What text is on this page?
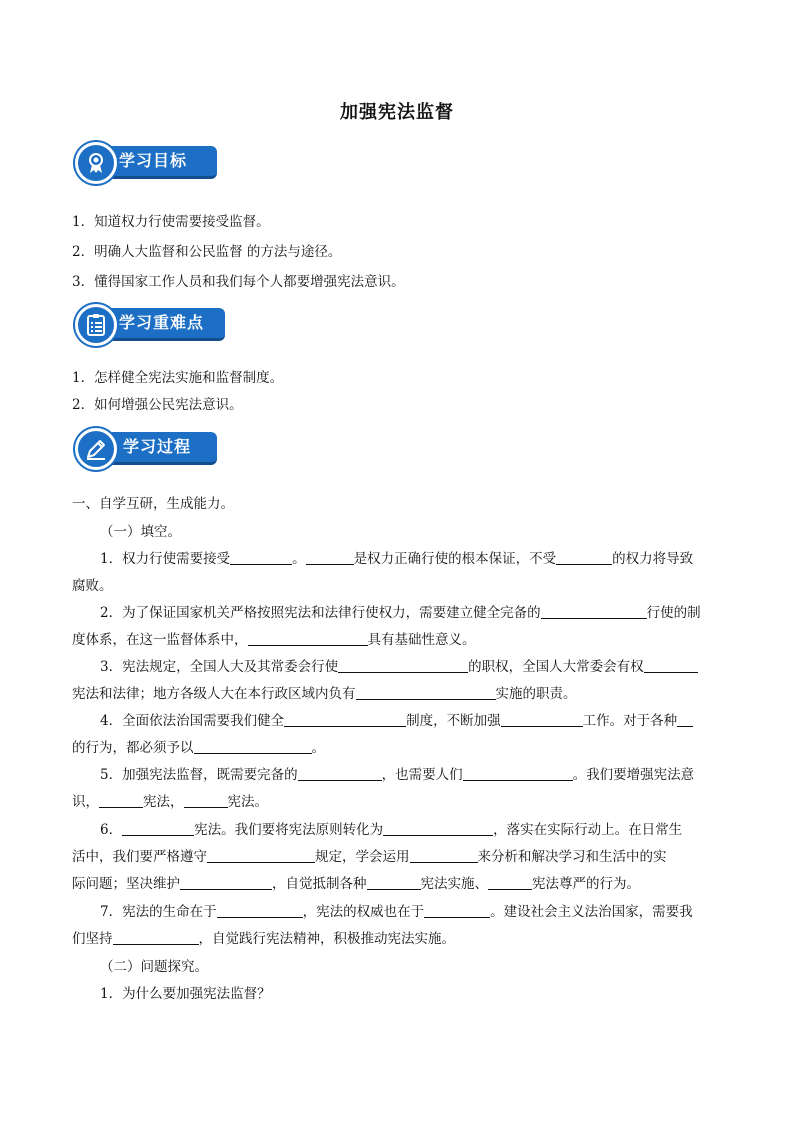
加强宪法监督
学习目标
1．知道权力行使需要接受监督。
2．明确人大监督和公民监督 的方法与途径。
3．懂得国家工作人员和我们每个人都要增强宪法意识。
学习重难点
1．怎样健全宪法实施和监督制度。
2．如何增强公民宪法意识。
学习过程
一、自学互研，生成能力。
（一）填空。
1．权力行使需要接受	。	是权力正确行使的根本保证，不受	的权力将导致
腐败。
2．为了保证国家机关严格按照宪法和法律行使权力，需要建立健全完备的	行使的制
度体系，在这一监督体系中，	具有基础性意义。
3．宪法规定，全国人大及其常委会行使	的职权，全国人大常委会有权
宪法和法律；地方各级人大在本行政区域内负有	实施的职责。
4．全面依法治国需要我们健全	制度，不断加强	工作。对于各种
的行为，都必须予以	。
5．加强宪法监督，既需要完备的	，也需要人们	。我们要增强宪法意
识，	宪法，	宪法。
6．	宪法。我们要将宪法原则转化为	，落实在实际行动上。在日常生
活中，我们要严格遵守	规定，学会运用	来分析和解决学习和生活中的实
际问题；坚决维护	，自觉抵制各种	宪法实施、	宪法尊严的行为。
7．宪法的生命在于	，宪法的权威也在于	。建设社会主义法治国家，需要我
们坚持	，自觉践行宪法精神，积极推动宪法实施。
（二）问题探究。
1．为什么要加强宪法监督？
